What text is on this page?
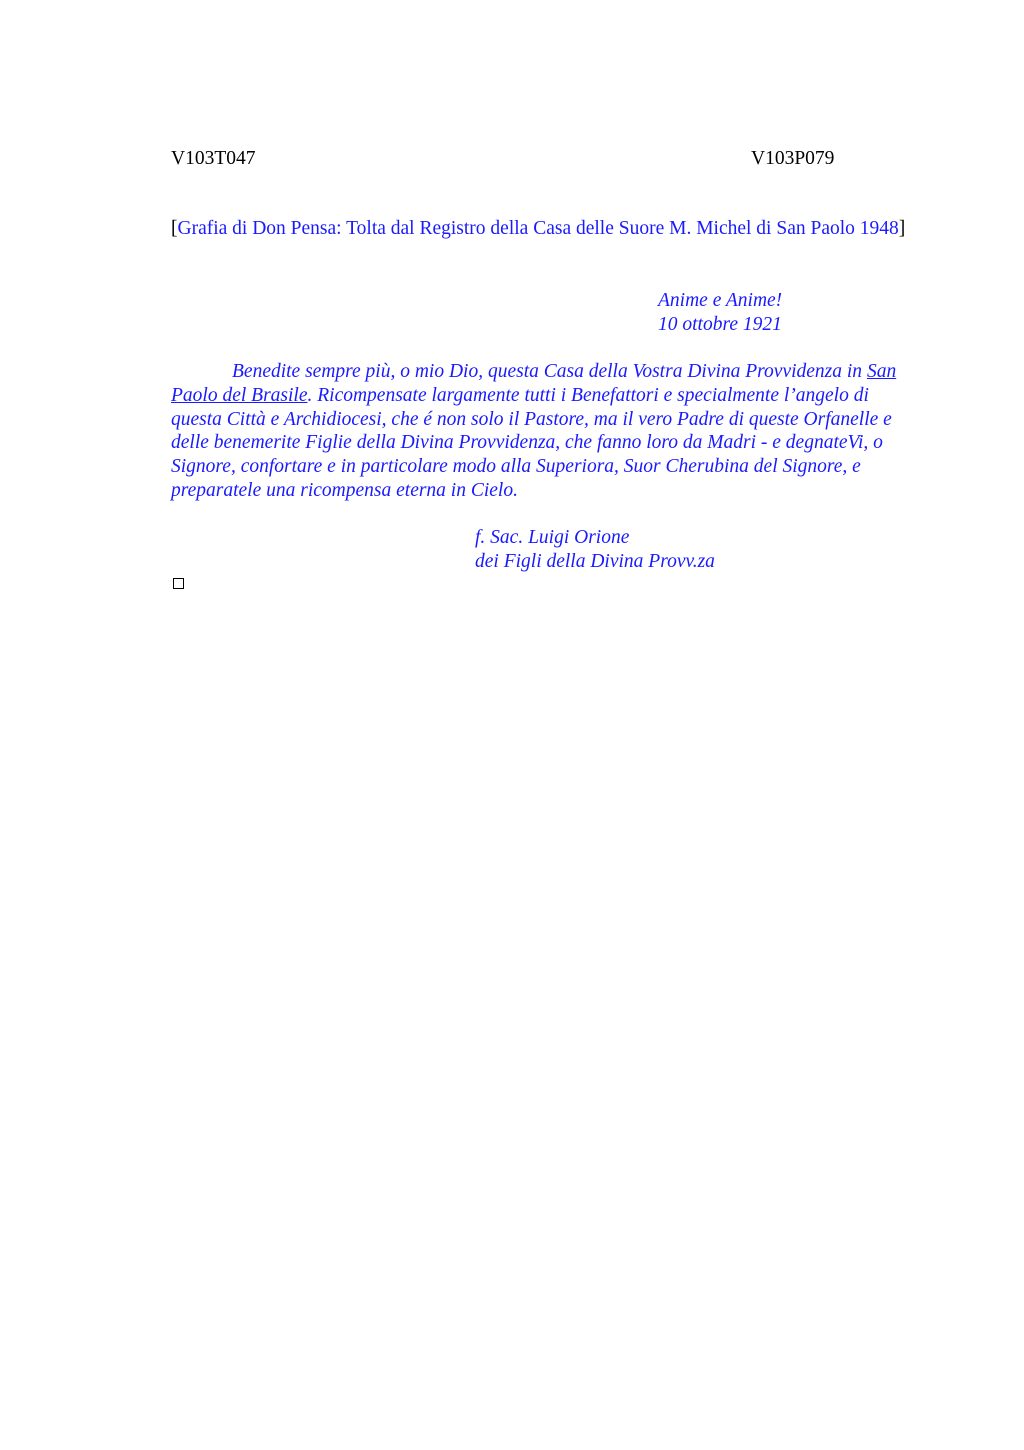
V103T047	V103P079
[Grafia di Don Pensa: Tolta dal Registro della Casa delle Suore M. Michel di San Paolo 1948]
Anime e Anime!
10 ottobre 1921

Benedite sempre più, o mio Dio, questa Casa della Vostra Divina Provvidenza in San Paolo del Brasile. Ricompensate largamente tutti i Benefattori e specialmente l’angelo di questa Città e Archidiocesi, che é non solo il Pastore, ma il vero Padre di queste Orfanelle e delle benemerite Figlie della Divina Provvidenza, che fanno loro da Madri - e degnateVi, o Signore, confortare e in particolare modo alla Superiora, Suor Cherubina del Signore, e preparatele una ricompensa eterna in Cielo.

f. Sac. Luigi Orione
dei Figli della Divina Provv.za
